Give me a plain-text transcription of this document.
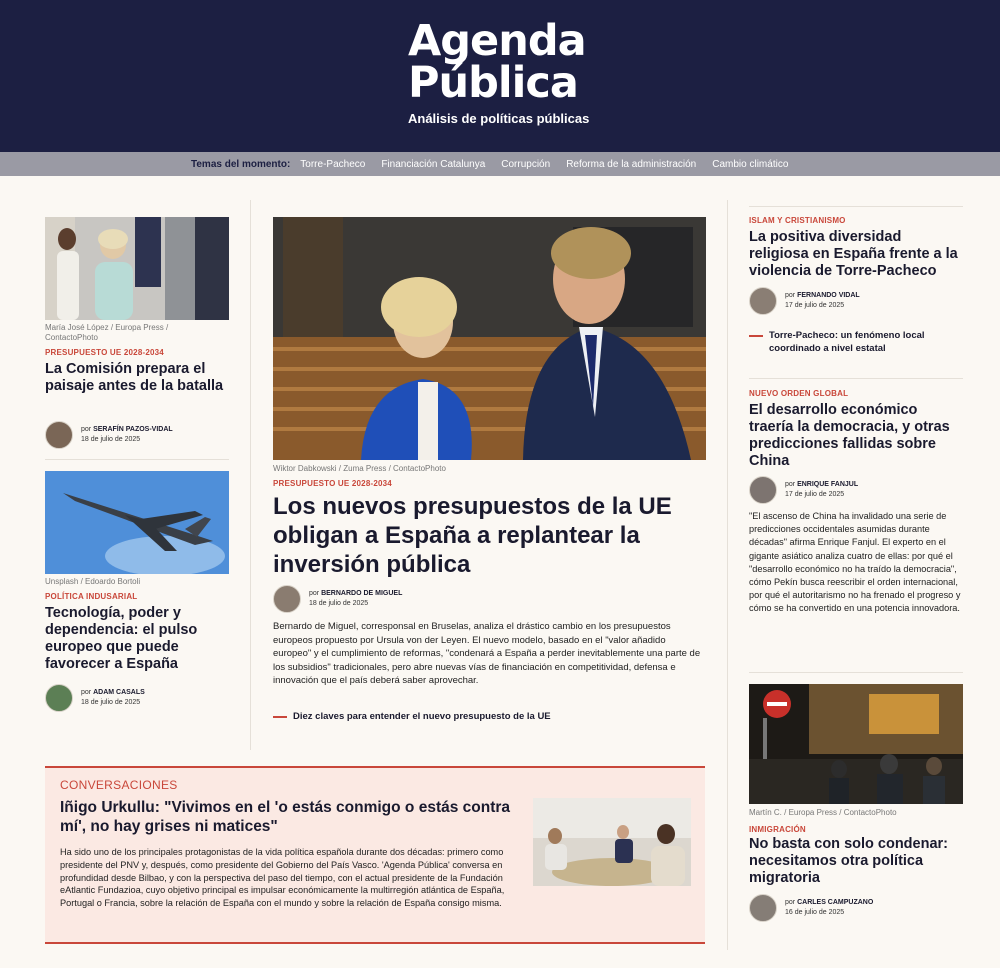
Agenda
Pública
Análisis de políticas públicas
Temas del momento: Torre-Pacheco Financiación Catalunya Corrupción Reforma de la administración Cambio climático
María José López / Europa Press /
ContactoPhoto
PRESUPUESTO UE 2028-2034
La Comisión prepara el paisaje antes de la batalla
por SERAFÍN PAZOS-VIDAL
18 de julio de 2025
Unsplash / Edoardo Bortoli
POLÍTICA INDUSARIAL
Tecnología, poder y dependencia: el pulso europeo que puede favorecer a España
por ADAM CASALS
18 de julio de 2025
Wiktor Dabkowski / Zuma Press / ContactoPhoto
PRESUPUESTO UE 2028-2034
Los nuevos presupuestos de la UE obligan a España a replantear la inversión pública
por BERNARDO DE MIGUEL
18 de julio de 2025
Bernardo de Miguel, corresponsal en Bruselas, analiza el drástico cambio en los presupuestos europeos propuesto por Ursula von der Leyen. El nuevo modelo, basado en el "valor añadido europeo" y el cumplimiento de reformas, "condenará a España a perder inevitablemente una parte de los subsidios" tradicionales, pero abre nuevas vías de financiación en competitividad, defensa e innovación que el país deberá saber aprovechar.
Diez claves para entender el nuevo presupuesto de la UE
CONVERSACIONES
Iñigo Urkullu: "Vivimos en el 'o estás conmigo o estás contra mí', no hay grises ni matices"
Ha sido uno de los principales protagonistas de la vida política española durante dos décadas: primero como presidente del PNV y, después, como presidente del Gobierno del País Vasco. 'Agenda Pública' conversa en profundidad desde Bilbao, y con la perspectiva del paso del tiempo, con el actual presidente de la Fundación eAtlantic Fundazioa, cuyo objetivo principal es impulsar económicamente la multirregión atlántica de España, Portugal o Francia, sobre la relación de España con el mundo y sobre la relación de España consigo misma.
ISLAM Y CRISTIANISMO
La positiva diversidad religiosa en España frente a la violencia de Torre-Pacheco
por FERNANDO VIDAL
17 de julio de 2025
Torre-Pacheco: un fenómeno local coordinado a nivel estatal
NUEVO ORDEN GLOBAL
El desarrollo económico traería la democracia, y otras predicciones fallidas sobre China
por ENRIQUE FANJUL
17 de julio de 2025
"El ascenso de China ha invalidado una serie de predicciones occidentales asumidas durante décadas" afirma Enrique Fanjul. El experto en el gigante asiático analiza cuatro de ellas: por qué el "desarrollo económico no ha traído la democracia", cómo Pekín busca reescribir el orden internacional, por qué el autoritarismo no ha frenado el progreso y cómo se ha convertido en una potencia innovadora.
Martín C. / Europa Press / ContactoPhoto
INMIGRACIÓN
No basta con solo condenar: necesitamos otra política migratoria
por CARLES CAMPUZANO
16 de julio de 2025
